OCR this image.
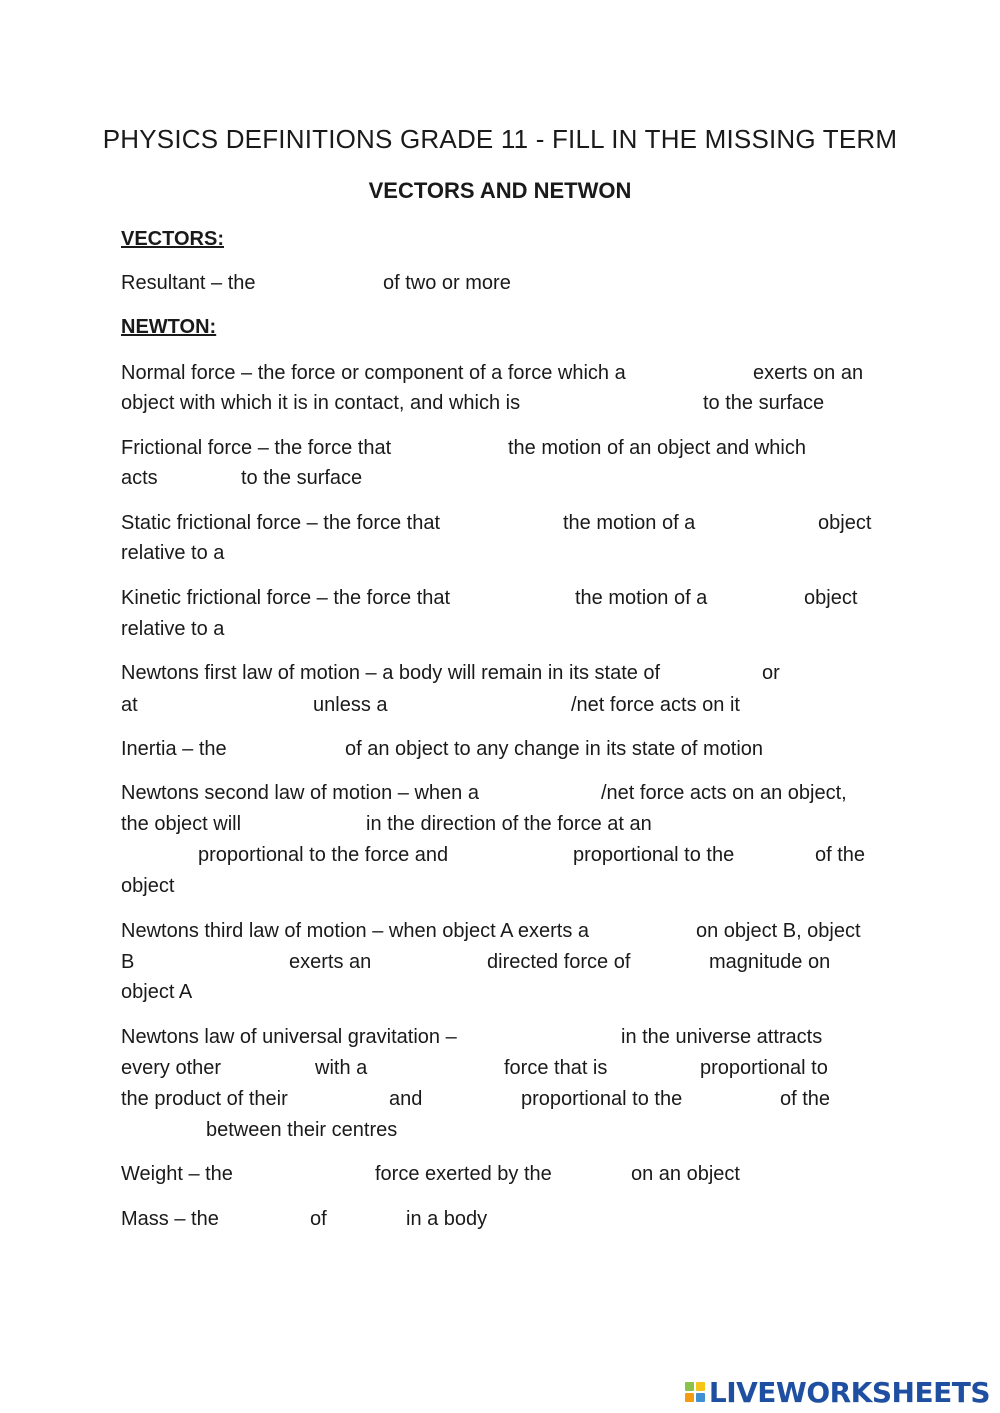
PHYSICS DEFINITIONS GRADE 11 - FILL IN THE MISSING TERM
VECTORS AND NETWON
VECTORS:
Resultant – the	of two or more
NEWTON:
Normal force – the force or component of a force which a	exerts on an
object with which it is in contact, and which is	to the surface
Frictional force – the force that	the motion of an object and which
acts	to the surface
Static frictional force – the force that	the motion of a	object
relative to a
Kinetic frictional force – the force that	the motion of a	object
relative to a
Newtons first law of motion – a body will remain in its state of	or
at	unless a	/net force acts on it
Inertia – the	of an object to any change in its state of motion
Newtons second law of motion – when a	/net force acts on an object,
the object will	in the direction of the force at an
proportional to the force and	proportional to the	of the
object
Newtons third law of motion – when object A exerts a	on object B, object
B	exerts an	directed force of	magnitude on
object A
Newtons law of universal gravitation –	in the universe attracts
every other	with a	force that is	proportional to
the product of their	and	proportional to the	of the
between their centres
Weight – the	force exerted by the	on an object
Mass – the	of	in a body
LIVEWORKSHEETS
